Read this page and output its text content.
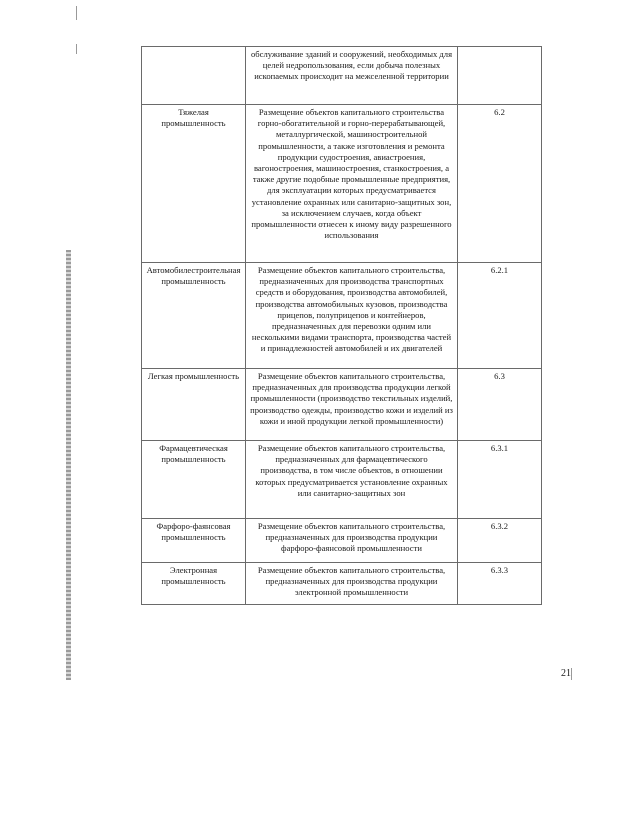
	обслуживание зданий и сооружений, необходимых для целей недропользования, если добыча полезных ископаемых происходит на межселенной территории	
Тяжелая промышленность	Размещение объектов капитального строительства горно-обогатительной и горно-перерабатывающей, металлургической, машиностроительной промышленности, а также изготовления и ремонта продукции судостроения, авиастроения, вагоностроения, машиностроения, станкостроения, а также другие подобные промышленные предприятия, для эксплуатации которых предусматривается установление охранных или санитарно-защитных зон, за исключением случаев, когда объект промышленности отнесен к иному виду разрешенного использования	6.2
Автомобилестроительная промышленность	Размещение объектов капитального строительства, предназначенных для производства транспортных средств и оборудования, производства автомобилей, производства автомобильных кузовов, производства прицепов, полуприцепов и контейнеров, предназначенных для перевозки одним или несколькими видами транспорта, производства частей и принадлежностей автомобилей и их двигателей	6.2.1
Легкая промышленность	Размещение объектов капитального строительства, предназначенных для производства продукции легкой промышленности (производство текстильных изделий, производство одежды, производство кожи и изделий из кожи и иной продукции легкой промышленности)	6.3
Фармацевтическая промышленность	Размещение объектов капитального строительства, предназначенных для фармацевтического производства, в том числе объектов, в отношении которых предусматривается установление охранных или санитарно-защитных зон	6.3.1
Фарфоро-фаянсовая промышленность	Размещение объектов капитального строительства, предназначенных для производства продукции фарфоро-фаянсовой промышленности	6.3.2
Электронная промышленность	Размещение объектов капитального строительства, предназначенных для производства продукции электронной промышленности	6.3.3
21
